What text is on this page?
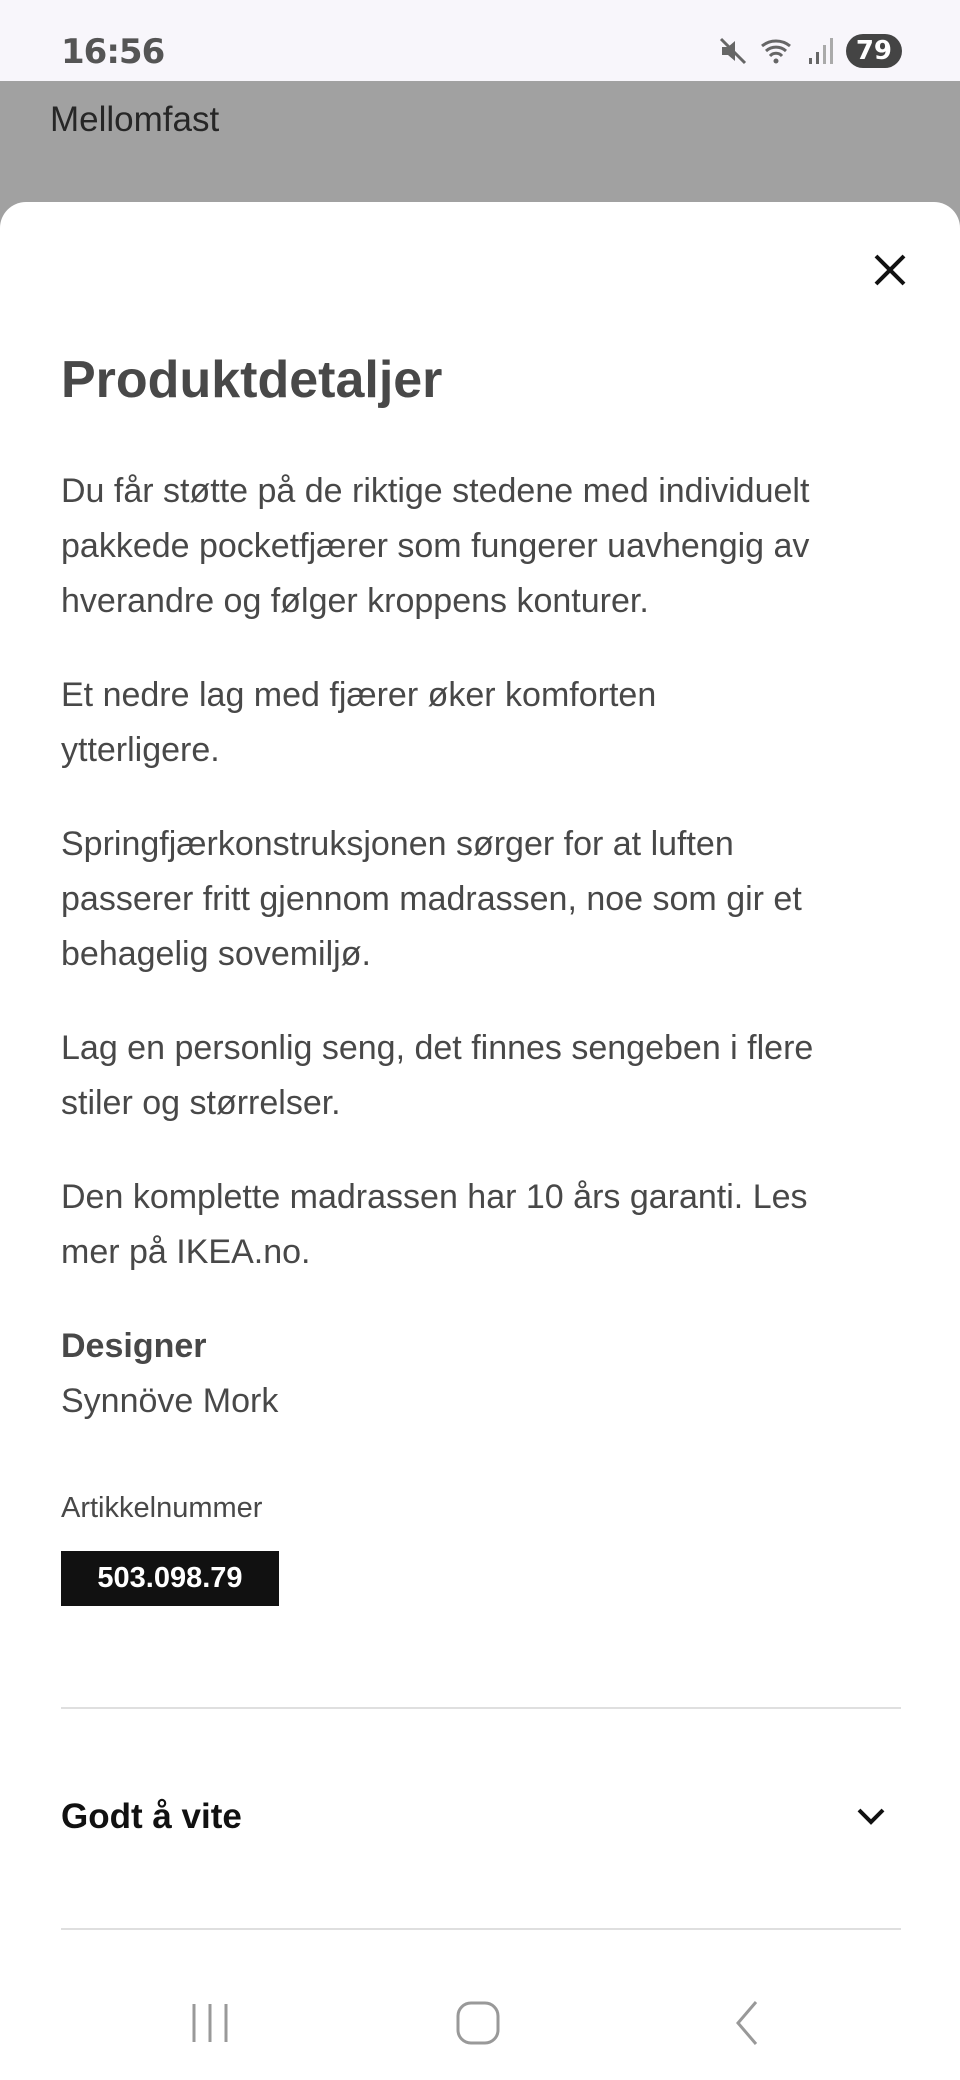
16:56	79
Mellomfast
Produktdetaljer
Du får støtte på de riktige stedene med individuelt
pakkede pocketfjærer som fungerer uavhengig av
hverandre og følger kroppens konturer.
Et nedre lag med fjærer øker komforten
ytterligere.
Springfjærkonstruksjonen sørger for at luften
passerer fritt gjennom madrassen, noe som gir et
behagelig sovemiljø.
Lag en personlig seng, det finnes sengeben i flere
stiler og størrelser.
Den komplette madrassen har 10 års garanti. Les
mer på IKEA.no.
Designer
Synnöve Mork
Artikkelnummer
503.098.79
Godt å vite
